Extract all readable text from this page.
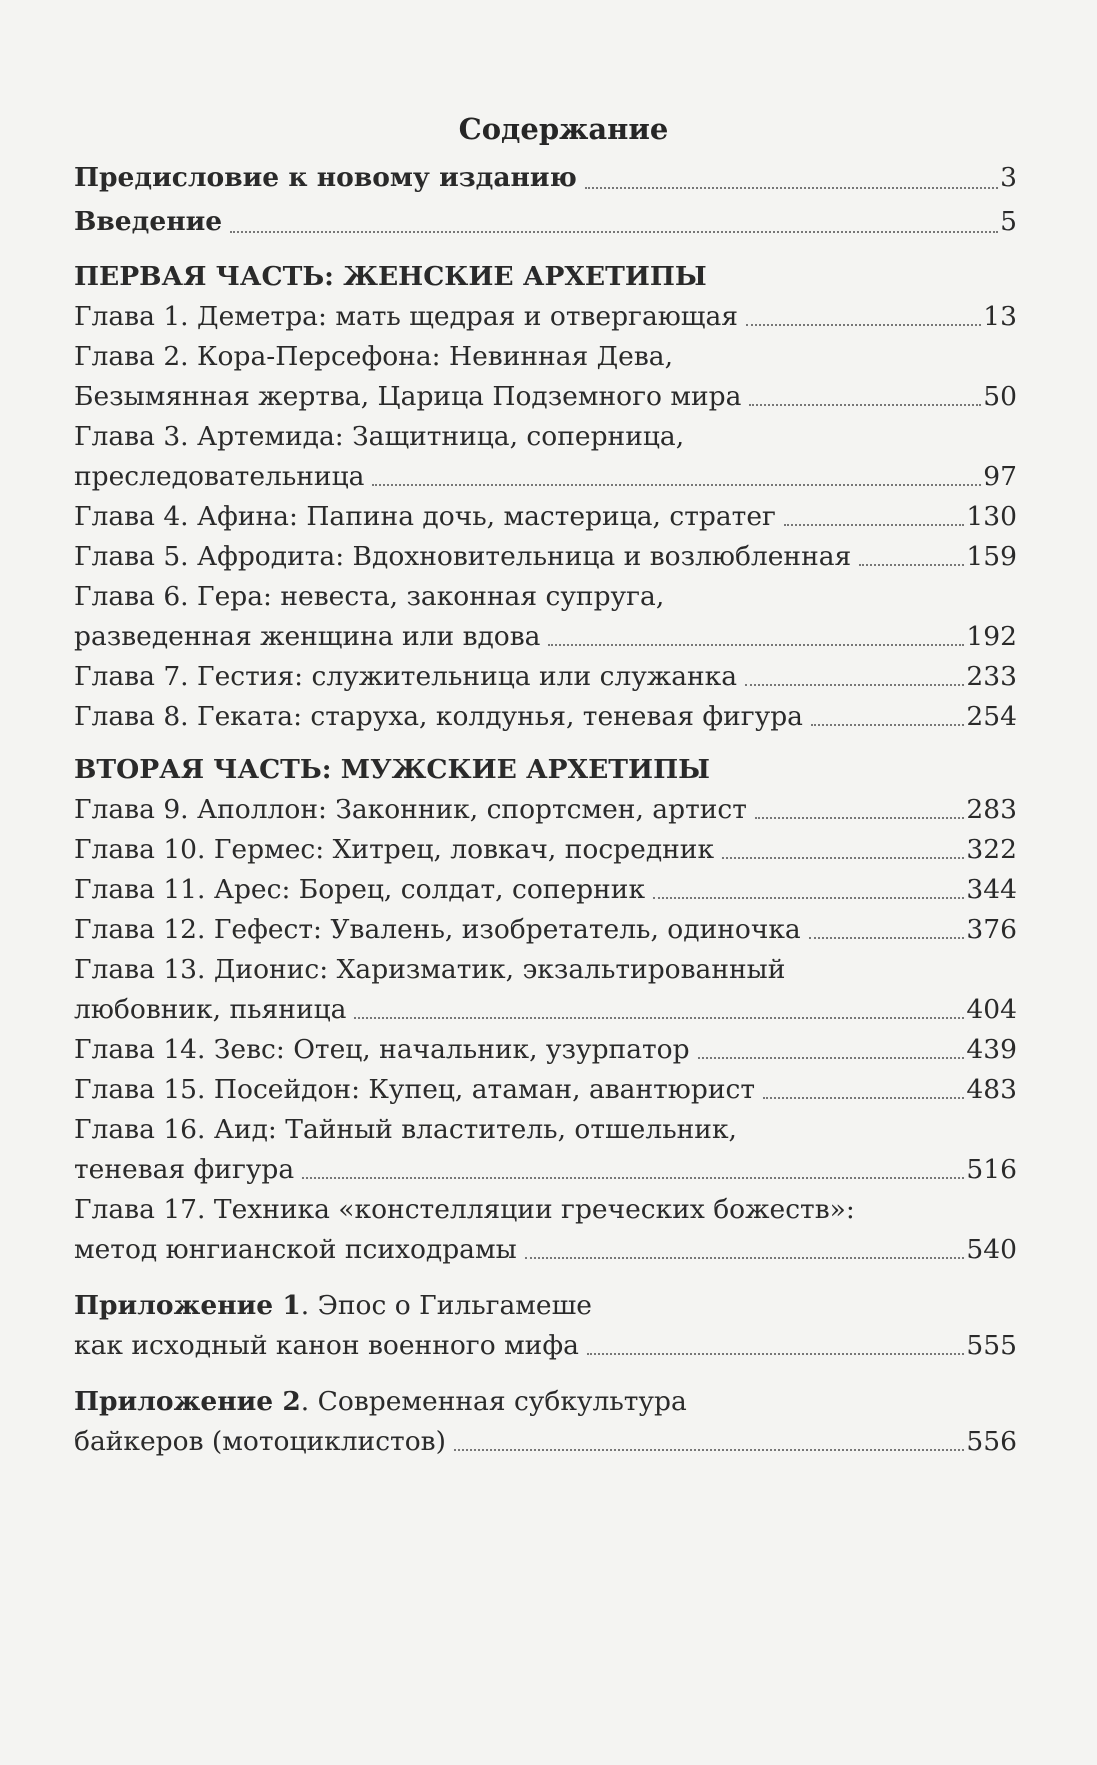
Содержание
Предисловие к новому изданию	3
Введение	5
ПЕРВАЯ ЧАСТЬ: ЖЕНСКИЕ АРХЕТИПЫ
Глава 1. Деметра: мать щедрая и отвергающая	13
Глава 2. Кора-Персефона: Невинная Дева,
Безымянная жертва, Царица Подземного мира	50
Глава 3. Артемида: Защитница, соперница,
преследовательница	97
Глава 4. Афина: Папина дочь, мастерица, стратег	130
Глава 5. Афродита: Вдохновительница и возлюбленная	159
Глава 6. Гера: невеста, законная супруга,
разведенная женщина или вдова	192
Глава 7. Гестия: служительница или служанка	233
Глава 8. Геката: старуха, колдунья, теневая фигура	254
ВТОРАЯ ЧАСТЬ: МУЖСКИЕ АРХЕТИПЫ
Глава 9. Аполлон: Законник, спортсмен, артист	283
Глава 10. Гермес: Хитрец, ловкач, посредник	322
Глава 11. Арес: Борец, солдат, соперник	344
Глава 12. Гефест: Увалень, изобретатель, одиночка	376
Глава 13. Дионис: Харизматик, экзальтированный
любовник, пьяница	404
Глава 14. Зевс: Отец, начальник, узурпатор	439
Глава 15. Посейдон: Купец, атаман, авантюрист	483
Глава 16. Аид: Тайный властитель, отшельник,
теневая фигура	516
Глава 17. Техника «констелляции греческих божеств»:
метод юнгианской психодрамы	540
Приложение 1. Эпос о Гильгамеше
как исходный канон военного мифа	555
Приложение 2. Современная субкультура
байкеров (мотоциклистов)	556
